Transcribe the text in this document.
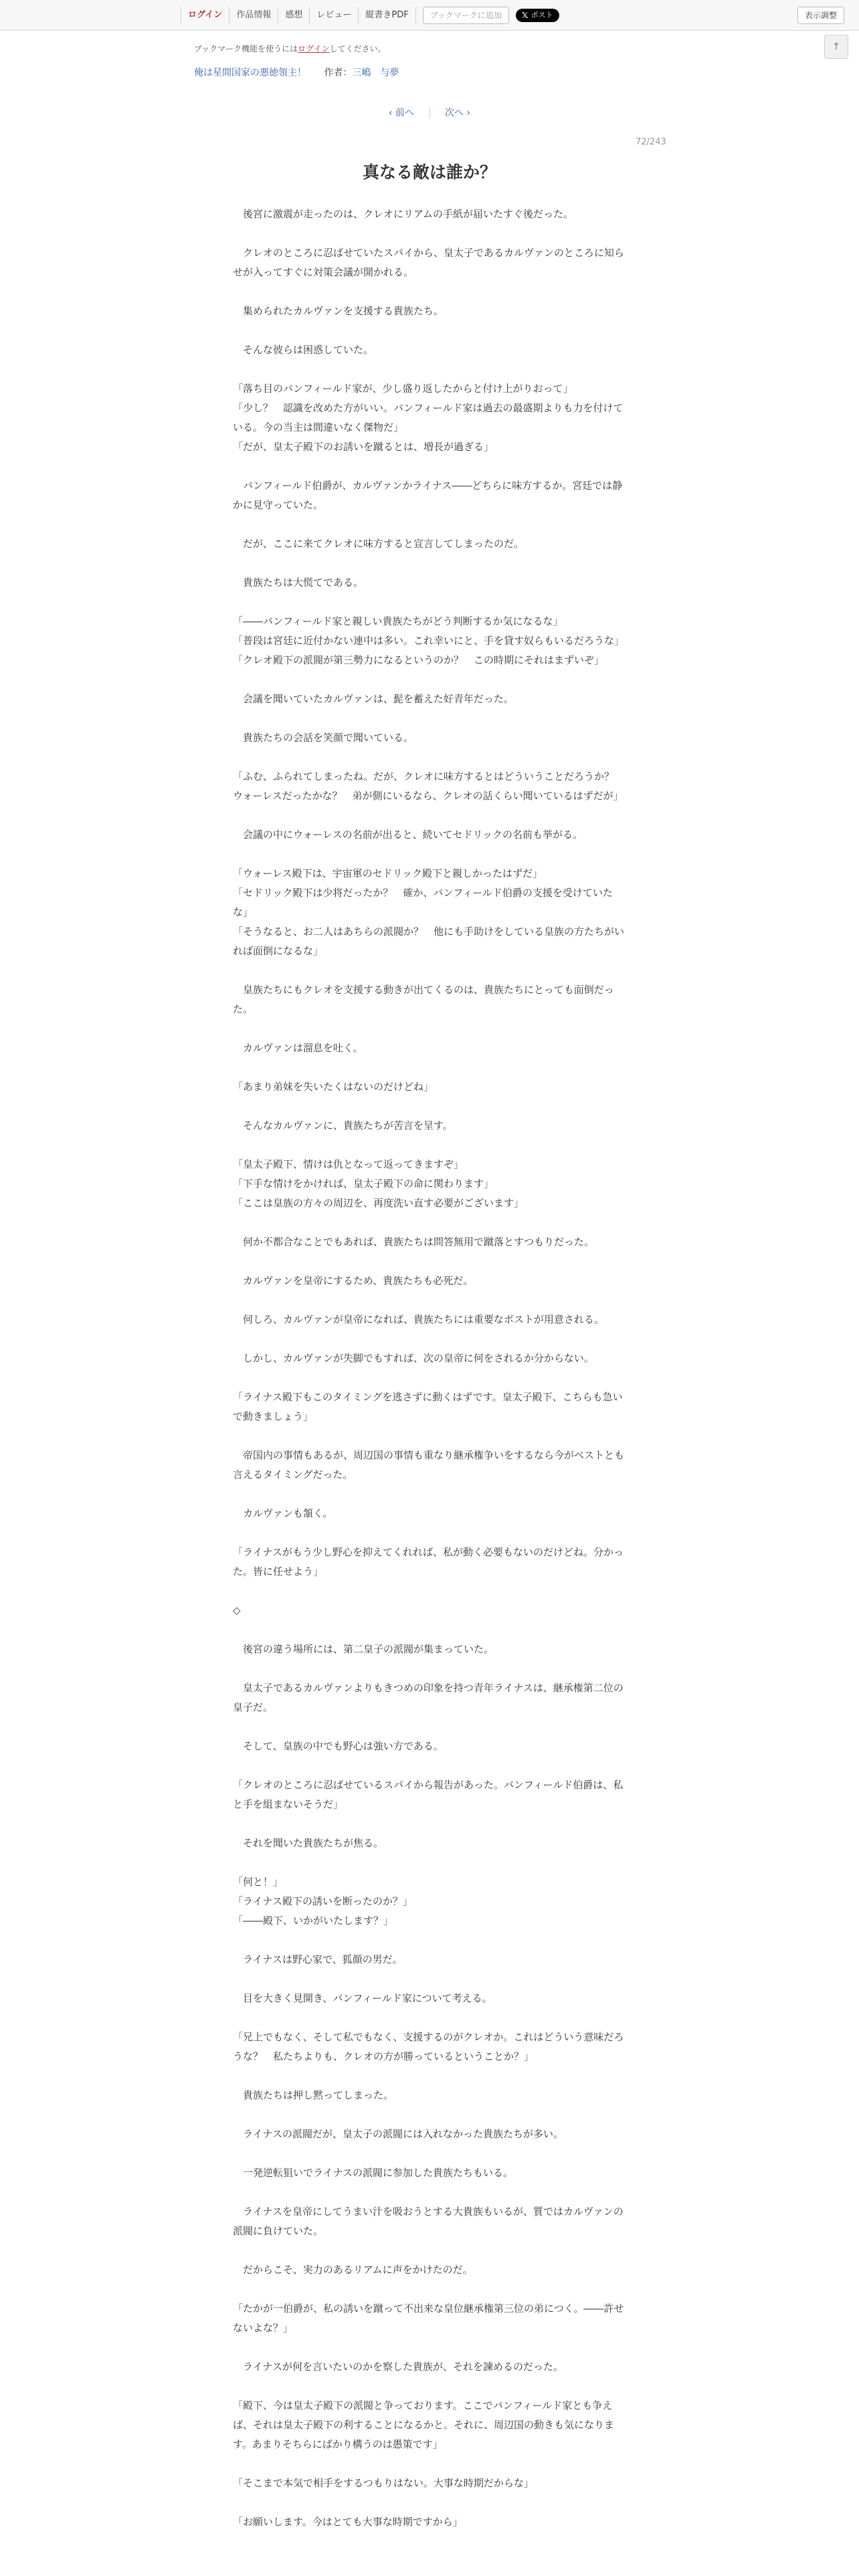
ログイン	作品情報	感想	レビュー	縦書きPDF	ブックマークに追加	𝕏 ポスト	表示調整
ブックマーク機能を使うにはログインしてください。	↑
俺は星間国家の悪徳領主！ 作者：三嶋　与夢
‹ 前へ	次へ ›
72/243
真なる敵は誰か？

　後宮に激震が走ったのは、クレオにリアムの手紙が届いたすぐ後だった。

　クレオのところに忍ばせていたスパイから、皇太子であるカルヴァンのところに知らせが入ってすぐに対策会議が開かれる。

　集められたカルヴァンを支援する貴族たち。

　そんな彼らは困惑していた。

「落ち目のバンフィールド家が、少し盛り返したからと付け上がりおって」
「少し？　認識を改めた方がいい。バンフィールド家は過去の最盛期よりも力を付けている。今の当主は間違いなく傑物だ」
「だが、皇太子殿下のお誘いを蹴るとは、増長が過ぎる」

　バンフィールド伯爵が、カルヴァンかライナス――どちらに味方するか。宮廷では静かに見守っていた。

　だが、ここに来てクレオに味方すると宣言してしまったのだ。

　貴族たちは大慌てである。

「――バンフィールド家と親しい貴族たちがどう判断するか気になるな」
「普段は宮廷に近付かない連中は多い。これ幸いにと、手を貸す奴らもいるだろうな」
「クレオ殿下の派閥が第三勢力になるというのか？　この時期にそれはまずいぞ」

　会議を聞いていたカルヴァンは、髭を蓄えた好青年だった。

　貴族たちの会話を笑顔で聞いている。

「ふむ、ふられてしまったね。だが、クレオに味方するとはどういうことだろうか？　ウォーレスだったかな？　弟が側にいるなら、クレオの話くらい聞いているはずだが」

　会議の中にウォーレスの名前が出ると、続いてセドリックの名前も挙がる。

「ウォーレス殿下は、宇宙軍のセドリック殿下と親しかったはずだ」
「セドリック殿下は少将だったか？　確か、バンフィールド伯爵の支援を受けていたな」
「そうなると、お二人はあちらの派閥か？　他にも手助けをしている皇族の方たちがいれば面倒になるな」

　皇族たちにもクレオを支援する動きが出てくるのは、貴族たちにとっても面倒だった。

　カルヴァンは溜息を吐く。

「あまり弟妹を失いたくはないのだけどね」

　そんなカルヴァンに、貴族たちが苦言を呈す。

「皇太子殿下、情けは仇となって返ってきますぞ」
「下手な情けをかければ、皇太子殿下の命に関わります」
「ここは皇族の方々の周辺を、再度洗い直す必要がございます」

　何か不都合なことでもあれば、貴族たちは問答無用で蹴落とすつもりだった。

　カルヴァンを皇帝にするため、貴族たちも必死だ。

　何しろ、カルヴァンが皇帝になれば、貴族たちには重要なポストが用意される。

　しかし、カルヴァンが失脚でもすれば、次の皇帝に何をされるか分からない。

「ライナス殿下もこのタイミングを逃さずに動くはずです。皇太子殿下、こちらも急いで動きましょう」

　帝国内の事情もあるが、周辺国の事情も重なり継承権争いをするなら今がベストとも言えるタイミングだった。

　カルヴァンも頷く。

「ライナスがもう少し野心を抑えてくれれば、私が動く必要もないのだけどね。分かった。皆に任せよう」

◇

　後宮の違う場所には、第二皇子の派閥が集まっていた。

　皇太子であるカルヴァンよりもきつめの印象を持つ青年ライナスは、継承権第二位の皇子だ。

　そして、皇族の中でも野心は強い方である。

「クレオのところに忍ばせているスパイから報告があった。バンフィールド伯爵は、私と手を組まないそうだ」

　それを聞いた貴族たちが焦る。

「何と！」
「ライナス殿下の誘いを断ったのか？」
「――殿下、いかがいたします？」

　ライナスは野心家で、狐顔の男だ。

　目を大きく見開き、バンフィールド家について考える。

「兄上でもなく、そして私でもなく、支援するのがクレオか。これはどういう意味だろうな？　私たちよりも、クレオの方が勝っているということか？」

　貴族たちは押し黙ってしまった。

　ライナスの派閥だが、皇太子の派閥には入れなかった貴族たちが多い。

　一発逆転狙いでライナスの派閥に参加した貴族たちもいる。

　ライナスを皇帝にしてうまい汁を吸おうとする大貴族もいるが、質ではカルヴァンの派閥に負けていた。

　だからこそ、実力のあるリアムに声をかけたのだ。

「たかが一伯爵が、私の誘いを蹴って不出来な皇位継承権第三位の弟につく。――許せないよな？」

　ライナスが何を言いたいのかを察した貴族が、それを諫めるのだった。

「殿下、今は皇太子殿下の派閥と争っております。ここでバンフィールド家とも争えば、それは皇太子殿下の利することになるかと。それに、周辺国の動きも気になります。あまりそちらにばかり構うのは愚策です」

「そこまで本気で相手をするつもりはない。大事な時期だからな」

「お願いします。今はとても大事な時期ですから」
